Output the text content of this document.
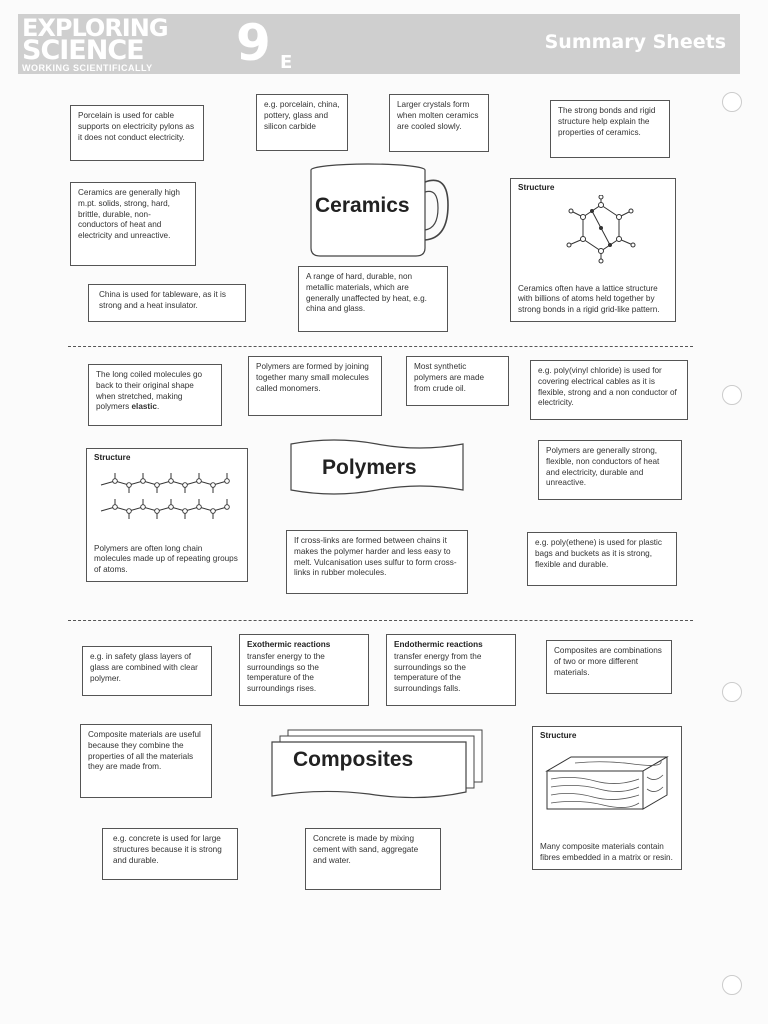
EXPLORING
SCIENCE
WORKING SCIENTIFICALLY 9 E
Summary Sheets
Porcelain is used for cable supports on electricity pylons as it does not conduct electricity.
e.g. porcelain, china, pottery, glass and silicon carbide
Larger crystals form when molten ceramics are cooled slowly.
The strong bonds and rigid structure help explain the properties of ceramics.
Ceramics are generally high m.pt. solids, strong, hard, brittle, durable, non-conductors of heat and electricity and unreactive.
Ceramics
Structure
Ceramics often have a lattice structure with billions of atoms held together by strong bonds in a rigid grid-like pattern.
China is used for tableware, as it is strong and a heat insulator.
A range of hard, durable, non metallic materials, which are generally unaffected by heat, e.g. china and glass.
The long coiled molecules go back to their original shape when stretched, making polymers elastic.
Polymers are formed by joining together many small molecules called monomers.
Most synthetic polymers are made from crude oil.
e.g. poly(vinyl chloride) is used for covering electrical cables as it is flexible, strong and a non conductor of electricity.
Structure
Polymers are often long chain molecules made up of repeating groups of atoms.
Polymers
Polymers are generally strong, flexible, non conductors of heat and electricity, durable and unreactive.
If cross-links are formed between chains it makes the polymer harder and less easy to melt. Vulcanisation uses sulfur to form cross-links in rubber molecules.
e.g. poly(ethene) is used for plastic bags and buckets as it is strong, flexible and durable.
e.g. in safety glass layers of glass are combined with clear polymer.
Exothermic reactions
transfer energy to the surroundings so the temperature of the surroundings rises.
Endothermic reactions
transfer energy from the surroundings so the temperature of the surroundings falls.
Composites are combinations of two or more different materials.
Composite materials are useful because they combine the properties of all the materials they are made from.	Composites
Structure
Many composite materials contain fibres embedded in a matrix or resin.
e.g. concrete is used for large structures because it is strong and durable.
Concrete is made by mixing cement with sand, aggregate and water.
